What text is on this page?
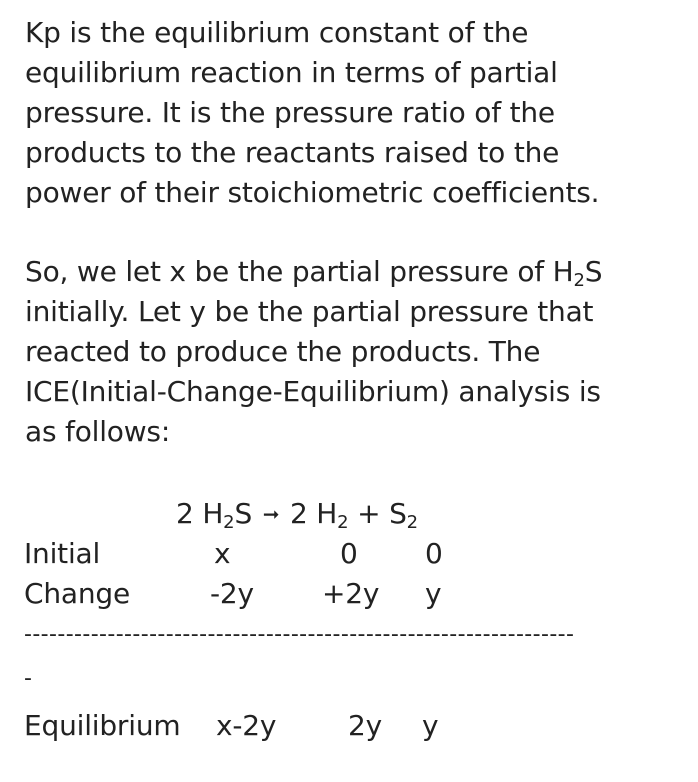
Kp is the equilibrium constant of the
equilibrium reaction in terms of partial
pressure. It is the pressure ratio of the
products to the reactants raised to the
power of their stoichiometric coefficients.
So, we let x be the partial pressure of $H_2S$
initially. Let y be the partial pressure that
reacted to produce the products. The
ICE(Initial-Change-Equilibrium) analysis is
as follows:
2 $H_2S$ ➞ 2 $H_2 + S_2$
Initial	x	0 0
Change	-2y +2y y
------------------------------------------------------------------
-
Equilibrium x-2y	2y y
